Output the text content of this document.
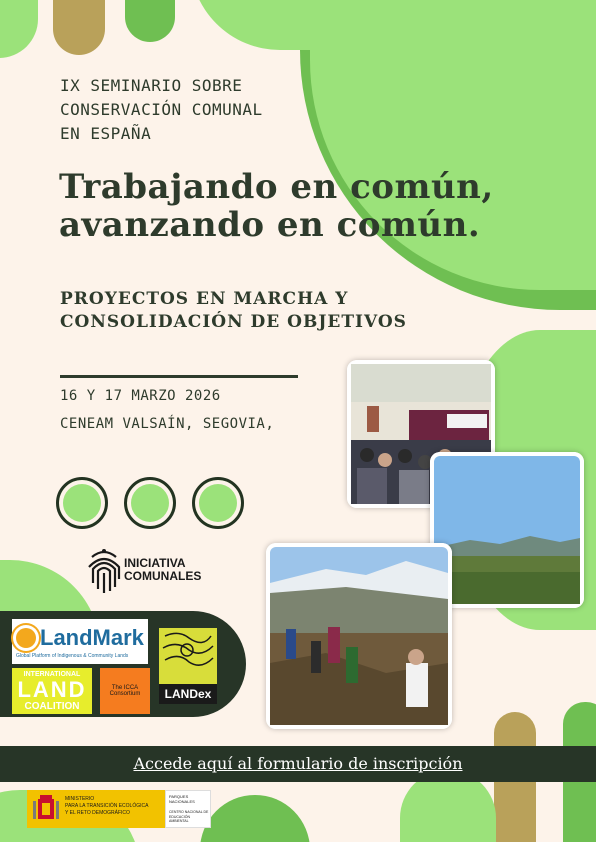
IX SEMINARIO SOBRE
CONSERVACIÓN COMUNAL
EN ESPAÑA
Trabajando en común,
avanzando en común.
PROYECTOS EN MARCHA Y
CONSOLIDACIÓN DE OBJETIVOS
16 Y 17 MARZO 2026
CENEAM VALSAÍN, SEGOVIA,
INICIATIVA
COMUNALES
LandMark
Global Platform of Indigenous & Community Lands
LANDex
INTERNATIONAL
LAND
COALITION
The ICCA
Consortium
Accede aquí al formulario de inscripción
MINISTERIO
PARA LA TRANSICIÓN ECOLÓGICA
Y EL RETO DEMOGRÁFICO
PARQUES NACIONALES
CENTRO NACIONAL DE EDUCACIÓN AMBIENTAL
